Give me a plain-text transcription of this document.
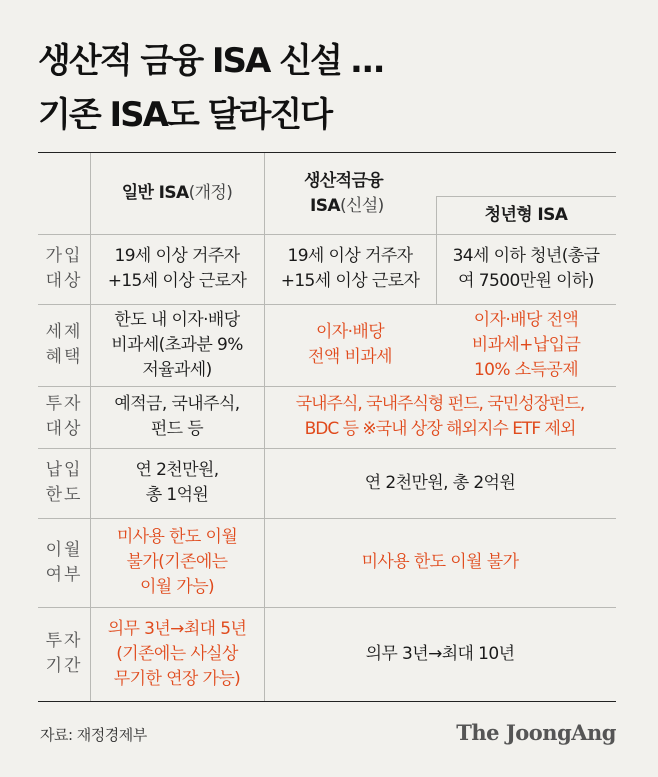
생산적 금융 ISA 신설 …
기존 ISA도 달라진다
일반 ISA (개정)
생산적금융
ISA(신설)	청년형 ISA
가입
대상
19세 이상 거주자
+15세 이상 근로자
19세 이상 거주자
+15세 이상 근로자
34세 이하 청년(총급
여 7500만원 이하)
세제
혜택
한도 내 이자·배당
비과세(초과분 9%
저율과세)
이자·배당
전액 비과세
이자·배당 전액
비과세+납입금
10% 소득공제
투자
대상
예적금, 국내주식,
펀드 등
국내주식, 국내주식형 펀드, 국민성장펀드,
BDC 등 ※국내 상장 해외지수 ETF 제외
납입
한도
연 2천만원,
총 1억원
연 2천만원, 총 2억원
이월
여부
미사용 한도 이월
불가(기존에는
이월 가능)
미사용 한도 이월 불가
투자
기간
의무 3년→최대 5년
(기존에는 사실상
무기한 연장 가능)
의무 3년→최대 10년
자료: 재정경제부	The JoongAng
